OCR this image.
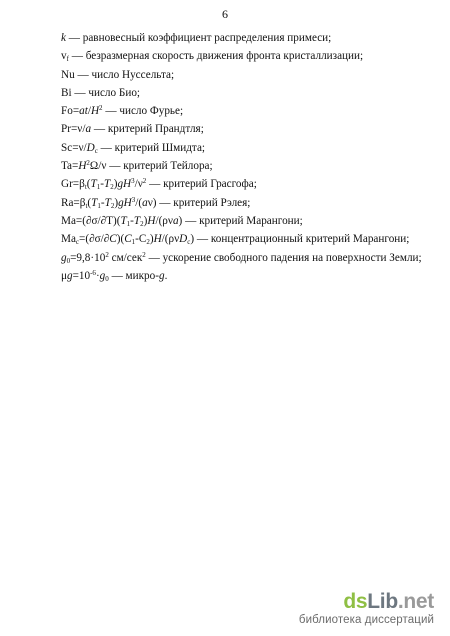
6
k — равновесный коэффициент распределения примеси;
$v_f$ — безразмерная скорость движения фронта кристаллизации;
Nu — число Нуссельта;
Bi — число Био;
$Fo=at/H^2$ — число Фурье;
Pr=ν/a — критерий Прандтля;
$Sc=\nu/D_c$ — критерий Шмидта;
$Ta=H^2\Omega/\nu$ — критерий Тейлора;
$Gr=\beta_t(T_1-T_2)gH^3/\nu^2$ — критерий Грасгофа;
$Ra=\beta_t(T_1-T_2)gH^3/(a\nu)$ — критерий Рэлея;
$Ma=(\partial\sigma/\partial T)(T_1-T_2)H/(\rho\nu a)$ — критерий Марангони;
$Ma_c=(\partial\sigma/\partial C)(C_1-C_2)H/(\rho\nu D_c)$ — концентрационный критерий Марангони;
$g_0=9,8\cdot 10^2$ см/сек$^2$ — ускорение свободного падения на поверхности Земли;
$\mu g=10^{-6}\cdot g_0$ — микро-g.
dsLib.net
библиотека диссертаций
